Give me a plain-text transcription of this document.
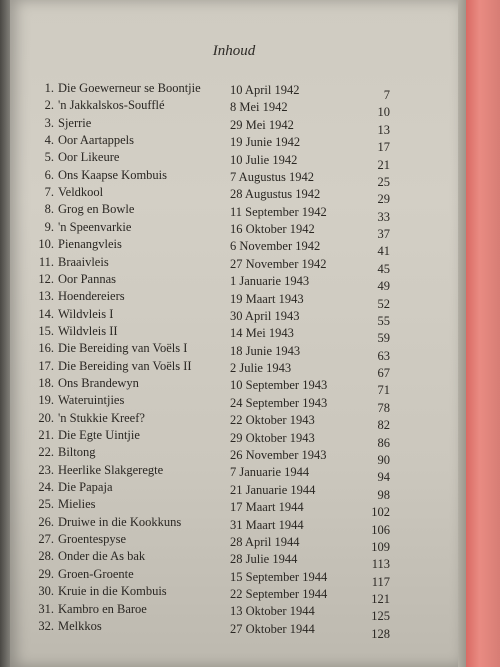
Inhoud
1. Die Goewerneur se Boontjie 10 April 1942	7
2. 'n Jakkalskos-Soufflé	8 Mei 1942	10
3. Sjerrie	29 Mei 1942	13
4. Oor Aartappels	19 Junie 1942	17
5. Oor Likeure	10 Julie 1942	21
6. Ons Kaapse Kombuis	7 Augustus 1942	25
7. Veldkool	28 Augustus 1942	29
8. Grog en Bowle	11 September 1942	33
9. 'n Speenvarkie	16 Oktober 1942	37
10. Pienangvleis	6 November 1942	41
11. Braaivleis	27 November 1942	45
12. Oor Pannas	1 Januarie 1943	49
13. Hoendereiers	19 Maart 1943	52
14. Wildvleis I	30 April 1943	55
15. Wildvleis II	14 Mei 1943	59
16. Die Bereiding van Voëls I	18 Junie 1943	63
17. Die Bereiding van Voëls II	2 Julie 1943	67
18. Ons Brandewyn	10 September 1943	71
19. Wateruintjies	24 September 1943	78
20. 'n Stukkie Kreef?	22 Oktober 1943	82
21. Die Egte Uintjie	29 Oktober 1943	86
22. Biltong	26 November 1943	90
23. Heerlike Slakgeregte	7 Januarie 1944	94
24. Die Papaja	21 Januarie 1944	98
25. Mielies	17 Maart 1944	102
26. Druiwe in die Kookkuns	31 Maart 1944	106
27. Groentespyse	28 April 1944	109
28. Onder die As bak	28 Julie 1944	113
29. Groen-Groente	15 September 1944	117
30. Kruie in die Kombuis	22 September 1944	121
31. Kambro en Baroe	13 Oktober 1944	125
32. Melkkos	27 Oktober 1944	128
